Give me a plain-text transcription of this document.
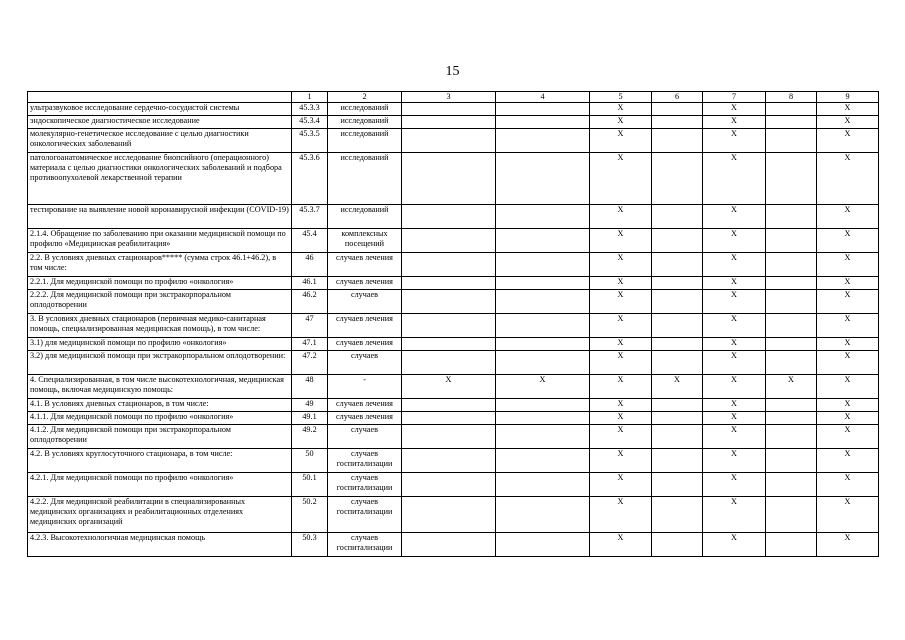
15
	1	2	3	4	5	6	7	8	9
ультразвуковое исследование сердечно-сосудистой системы	45.3.3	исследований			X		X		X
эндоскопическое диагностическое исследование	45.3.4	исследований			X		X		X
молекулярно-генетическое исследование с целью диагностики онкологических заболеваний	45.3.5	исследований			X		X		X
патологоанатомическое исследование биопсийного (операционного) материала с целью диагностики онкологических заболеваний и подбора противоопухолевой лекарственной терапии	45.3.6	исследований			X		X		X
тестирование на выявление новой коронавирусной инфекции (COVID-19)	45.3.7	исследований			X		X		X
2.1.4. Обращение по заболеванию при оказании медицинской помощи по профилю «Медицинская реабилитация»	45.4	комплексных посещений			X		X		X
2.2. В условиях дневных стационаров***** (сумма строк 46.1+46.2), в том числе:	46	случаев лечения			X		X		X
2.2.1. Для медицинской помощи по профилю «онкология»	46.1	случаев лечения			X		X		X
2.2.2. Для медицинской помощи при экстракорпоральном оплодотворении	46.2	случаев			X		X		X
3. В условиях дневных стационаров (первичная медико-санитарная помощь, специализированная медицинская помощь), в том числе:	47	случаев лечения			X		X		X
3.1) для медицинской помощи по профилю «онкология»	47.1	случаев лечения			X		X		X
3.2) для медицинской помощи при экстракорпоральном оплодотворении:	47.2	случаев			X		X		X
4. Специализированная, в том числе высокотехнологичная, медицинская помощь, включая медицинскую помощь:	48	-	X	X	X	X	X	X	X
4.1. В условиях дневных стационаров, в том числе:	49	случаев лечения			X		X		X
4.1.1. Для медицинской помощи по профилю «онкология»	49.1	случаев лечения			X		X		X
4.1.2. Для медицинской помощи при экстракорпоральном оплодотворении	49.2	случаев			X		X		X
4.2. В условиях круглосуточного стационара, в том числе:	50	случаев госпитализации			X		X		X
4.2.1. Для медицинской помощи по профилю «онкология»	50.1	случаев госпитализации			X		X		X
4.2.2. Для медицинской реабилитации в специализированных медицинских организациях и реабилитационных отделениях медицинских организаций	50.2	случаев госпитализации			X		X		X
4.2.3. Высокотехнологичная медицинская помощь	50.3	случаев госпитализации			X		X		X
